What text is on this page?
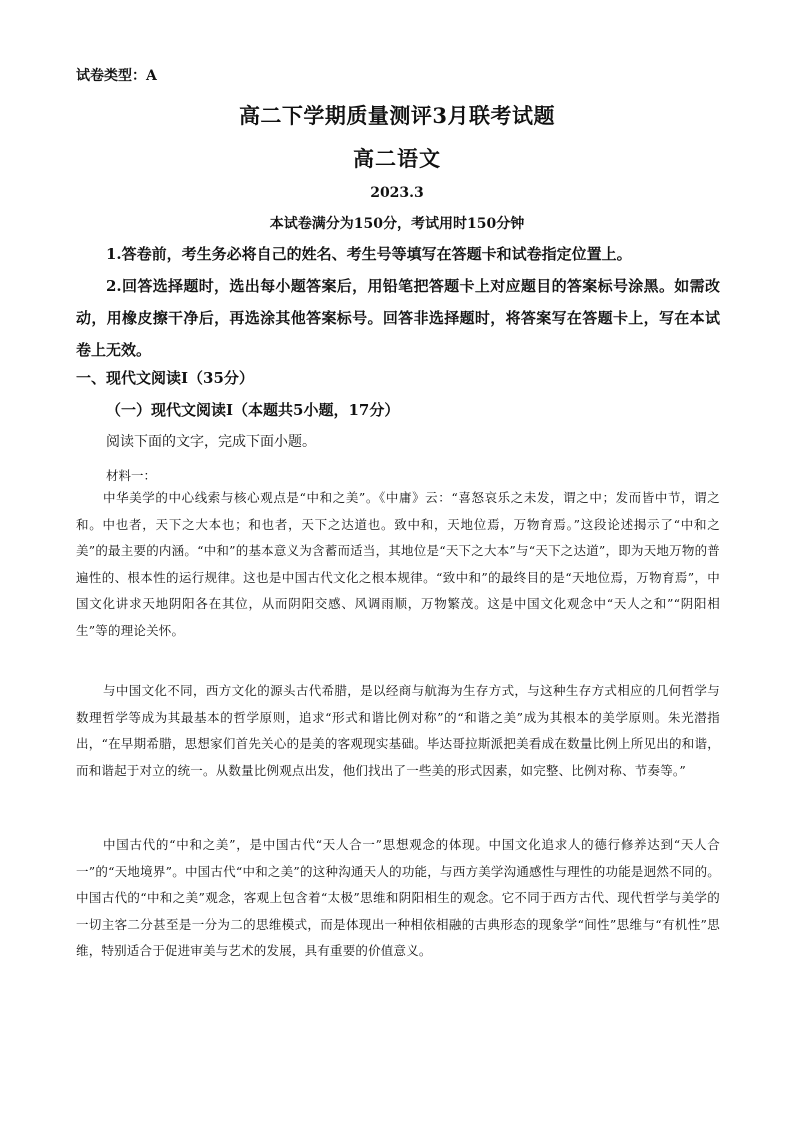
试卷类型：A
高二下学期质量测评3月联考试题
高二语文
2023.3
本试卷满分为150分，考试用时150分钟
1.答卷前，考生务必将自己的姓名、考生号等填写在答题卡和试卷指定位置上。
2.回答选择题时，选出每小题答案后，用铅笔把答题卡上对应题目的答案标号涂黑。如需改动，用橡皮擦干净后，再选涂其他答案标号。回答非选择题时，将答案写在答题卡上，写在本试卷上无效。
一、现代文阅读Ⅰ（35分）
（一）现代文阅读Ⅰ（本题共5小题，17分）
阅读下面的文字，完成下面小题。
材料一：
中华美学的中心线索与核心观点是“中和之美”。《中庸》云：“喜怒哀乐之未发，谓之中；发而皆中节，谓之和。中也者，天下之大本也；和也者，天下之达道也。致中和，天地位焉，万物育焉。”这段论述揭示了“中和之美”的最主要的内涵。“中和”的基本意义为含蓄而适当，其地位是“天下之大本”与“天下之达道”，即为天地万物的普遍性的、根本性的运行规律。这也是中国古代文化之根本规律。“致中和”的最终目的是“天地位焉，万物育焉”，中国文化讲求天地阴阳各在其位，从而阴阳交感、风调雨顺，万物繁茂。这是中国文化观念中“天人之和”“阴阳相生”等的理论关怀。
与中国文化不同，西方文化的源头古代希腊，是以经商与航海为生存方式，与这种生存方式相应的几何哲学与数理哲学等成为其最基本的哲学原则，追求“形式和谐比例对称”的“和谐之美”成为其根本的美学原则。朱光潜指出，“在早期希腊，思想家们首先关心的是美的客观现实基础。毕达哥拉斯派把美看成在数量比例上所见出的和谐，而和谐起于对立的统一。从数量比例观点出发，他们找出了一些美的形式因素，如完整、比例对称、节奏等。”
中国古代的“中和之美”，是中国古代“天人合一”思想观念的体现。中国文化追求人的德行修养达到“天人合一”的“天地境界”。中国古代“中和之美”的这种沟通天人的功能，与西方美学沟通感性与理性的功能是迥然不同的。中国古代的“中和之美”观念，客观上包含着“太极”思维和阴阳相生的观念。它不同于西方古代、现代哲学与美学的一切主客二分甚至是一分为二的思维模式，而是体现出一种相依相融的古典形态的现象学“间性”思维与“有机性”思维，特别适合于促进审美与艺术的发展，具有重要的价值意义。
